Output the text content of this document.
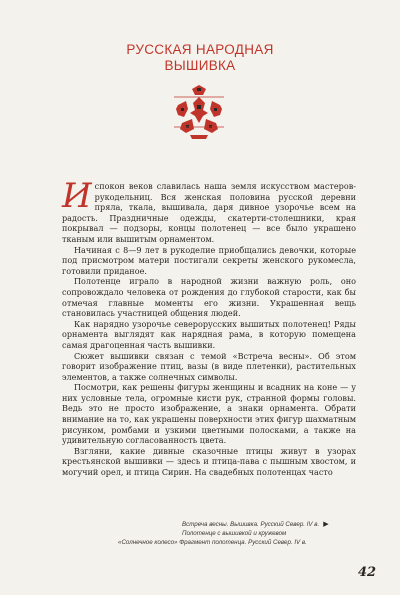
РУССКАЯ НАРОДНАЯ
ВЫШИВКА

Испокон веков славилась наша земля искусством мастеров-рукодельниц. Вся женская половина русской деревни пряла, ткала, вышивала, даря дивное узорочье всем на радость. Праздничные одежды, скатерти-столешники, края покрывал — подзоры, концы полотенец — все было украшено тканым или вышитым орнаментом.

Начиная с 8—9 лет в рукоделие приобщались девочки, которые под присмотром матери постигали секреты женского рукомесла, готовили приданое.

Полотенце играло в народной жизни важную роль, оно сопровождало человека от рождения до глубокой старости, как бы отмечая главные моменты его жизни. Украшенная вещь становилась участницей общения людей.

Как нарядно узорочье северорусских вышитых полотенец! Ряды орнамента выглядят как нарядная рама, в которую помещена самая драгоценная часть вышивки.

Сюжет вышивки связан с темой «Встреча весны». Об этом говорит изображение птиц, вазы (в виде плетенки), растительных элементов, а также солнечных символы.

Посмотри, как решены фигуры женщины и всадник на коне — у них условные тела, огромные кисти рук, странной формы головы. Ведь это не просто изображение, а знаки орнамента. Обрати внимание на то, как украшены поверхности этих фигур шахматным рисунком, ромбами и узкими цветными полосками, а также на удивительную согласованность цвета.

Взгляни, какие дивные сказочные птицы живут в узорах крестьянской вышивки — здесь и птица-пава с пышным хвостом, и могучий орел, и птица Сирин. На свадебных полотенцах часто

Встреча весны. Вышивка. Русский Север. IV в. ▶
Полотенце с вышивкой и кружевом
«Солнечное колесо» Фрагмент полотенца. Русский Север. IV в.
42
